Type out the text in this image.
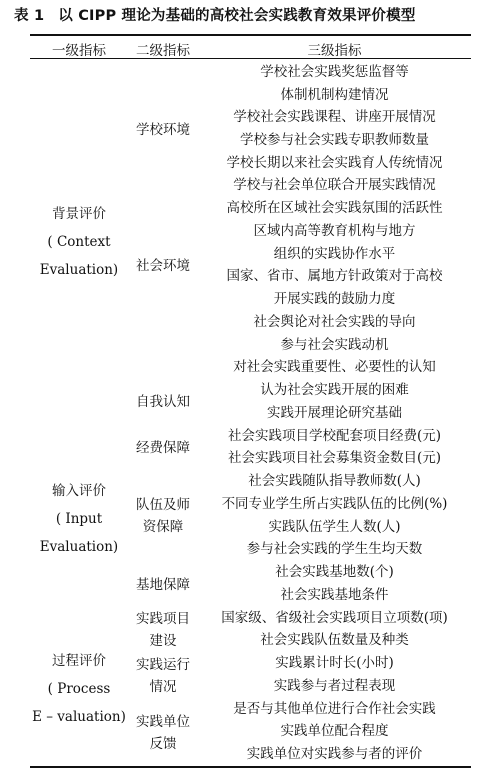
表 1 以 CIPP 理论为基础的高校社会实践教育效果评价模型
一级指标	二级指标	三级指标
背景评价
( Context
Evaluation)
输入评价
( Input
Evaluation)
过程评价
( Process
E – valuation)
学校环境
社会环境
自我认知
经费保障
队伍及师
资保障
基地保障
实践项目
建设
实践运行
情况
实践单位
反馈
学校社会实践奖惩监督等
体制机制构建情况
学校社会实践课程、讲座开展情况
学校参与社会实践专职教师数量
学校长期以来社会实践育人传统情况
学校与社会单位联合开展实践情况
高校所在区域社会实践氛围的活跃性
区域内高等教育机构与地方
组织的实践协作水平
国家、省市、属地方针政策对于高校
开展实践的鼓励力度
社会舆论对社会实践的导向
参与社会实践动机
对社会实践重要性、必要性的认知
认为社会实践开展的困难
实践开展理论研究基础
社会实践项目学校配套项目经费(元)
社会实践项目社会募集资金数目(元)
社会实践随队指导教师数(人)
不同专业学生所占实践队伍的比例(%)
实践队伍学生人数(人)
参与社会实践的学生生均天数
社会实践基地数(个)
社会实践基地条件
国家级、省级社会实践项目立项数(项)
社会实践队伍数量及种类
实践累计时长(小时)
实践参与者过程表现
是否与其他单位进行合作社会实践
实践单位配合程度
实践单位对实践参与者的评价
